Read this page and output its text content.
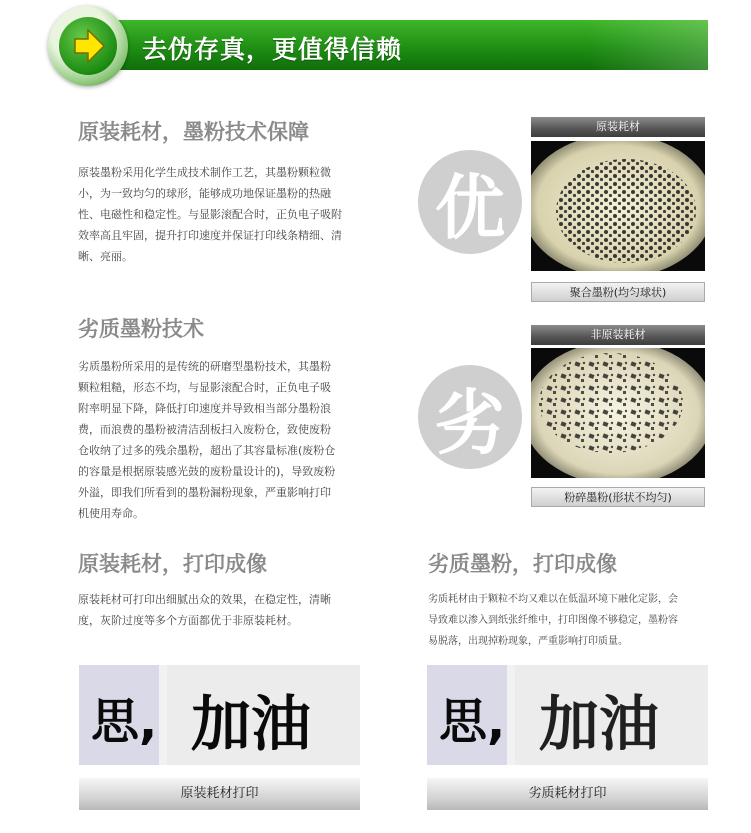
去伪存真，更值得信赖
原装耗材，墨粉技术保障
原装墨粉采用化学生成技术制作工艺，其墨粉颗粒微
小，为一致均匀的球形，能够成功地保证墨粉的热融
性、电磁性和稳定性。与显影滚配合时，正负电子吸附
效率高且牢固，提升打印速度并保证打印线条精细、清
晰、亮丽。
优
原装耗材
聚合墨粉(均匀球状)
劣质墨粉技术
劣质墨粉所采用的是传统的研磨型墨粉技术，其墨粉
颗粒粗糙，形态不均，与显影滚配合时，正负电子吸
附率明显下降，降低打印速度并导致相当部分墨粉浪
费，而浪费的墨粉被清洁刮板扫入废粉仓，致使废粉
仓收纳了过多的残余墨粉，超出了其容量标准(废粉仓
的容量是根据原装感光鼓的废粉量设计的)，导致废粉
外溢，即我们所看到的墨粉漏粉现象，严重影响打印
机使用寿命。
劣
非原装耗材
粉碎墨粉(形状不均匀)
原装耗材，打印成像
原装耗材可打印出细腻出众的效果，在稳定性，清晰
度，灰阶过度等多个方面都优于非原装耗材。
思, 加油
原装耗材打印
劣质墨粉，打印成像
劣质耗材由于颗粒不均又难以在低温环境下融化定影，会
导致难以渗入到纸张纤维中，打印图像不够稳定，墨粉容
易脱落，出现掉粉现象，严重影响打印质量。
思, 加油
劣质耗材打印
